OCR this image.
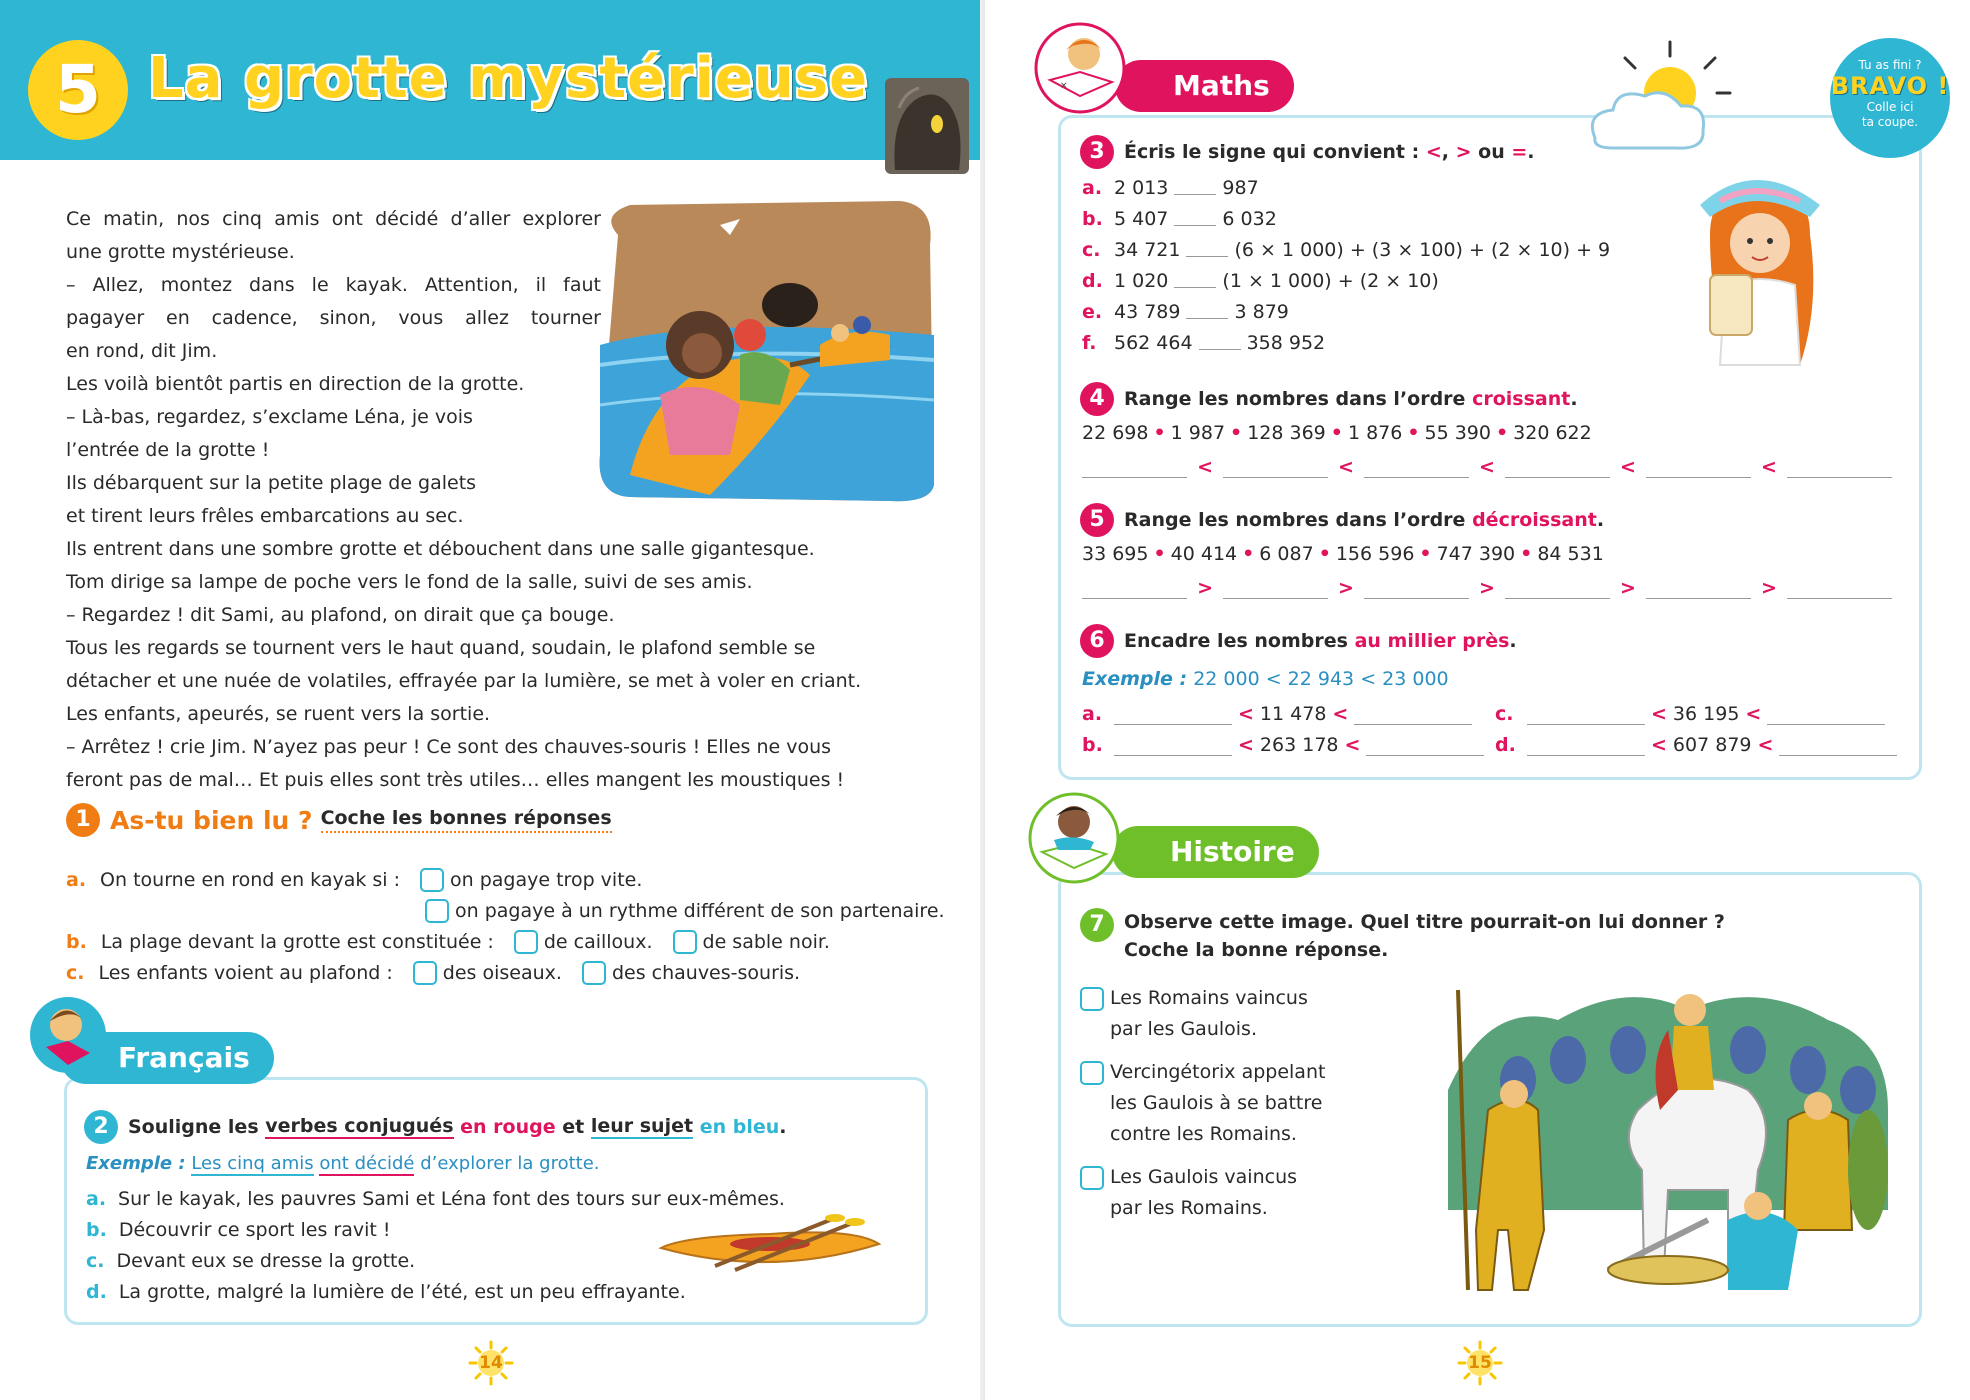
5 La grotte mystérieuse
Ce matin, nos cinq amis ont décidé d’aller explorer
une grotte mystérieuse.
– Allez, montez dans le kayak. Attention, il faut
pagayer en cadence, sinon, vous allez tourner
en rond, dit Jim.
Les voilà bientôt partis en direction de la grotte.
– Là-bas, regardez, s’exclame Léna, je vois
l’entrée de la grotte !
Ils débarquent sur la petite plage de galets
et tirent leurs frêles embarcations au sec.
Ils entrent dans une sombre grotte et débouchent dans une salle gigantesque.
Tom dirige sa lampe de poche vers le fond de la salle, suivi de ses amis.
– Regardez ! dit Sami, au plafond, on dirait que ça bouge.
Tous les regards se tournent vers le haut quand, soudain, le plafond semble se
détacher et une nuée de volatiles, effrayée par la lumière, se met à voler en criant.
Les enfants, apeurés, se ruent vers la sortie.
– Arrêtez ! crie Jim. N’ayez pas peur ! Ce sont des chauves-souris ! Elles ne vous
feront pas de mal… Et puis elles sont très utiles… elles mangent les moustiques !
1 As-tu bien lu ? Coche les bonnes réponses
a. On tourne en rond en kayak si :	on pagaye trop vite.
on pagaye à un rythme différent de son partenaire.
b. La plage devant la grotte est constituée :	de cailloux.	de sable noir.
c. Les enfants voient au plafond :	des oiseaux.	des chauves-souris.
Français
2	Souligne les
verbes conjugués
en rouge
et
leur sujet
en bleu .
Exemple : Les cinq amis ont décidé d’explorer la grotte.
a. Sur le kayak, les pauvres Sami et Léna font des tours sur eux-mêmes.
b. Découvrir ce sport les ravit !
c. Devant eux se dresse la grotte.
d. La grotte, malgré la lumière de l’été, est un peu effrayante.
14
Maths
×
Tu as fini ?
BRAVO !
Colle ici
ta coupe.
3	Écris le signe qui convient :
< ,
>
ou
= .
a. 2 013	987
b. 5 407	6 032
c. 34 721	(6 × 1 000) + (3 × 100) + (2 × 10) + 9
d. 1 020	(1 × 1 000) + (2 × 10)
e. 43 789	3 879
f. 562 464	358 952
4	Range les nombres dans l’ordre
croissant .
22 698 • 1 987 • 128 369 • 1 876 • 55 390 • 320 622
<	<	<	<	<
5	Range les nombres dans l’ordre
décroissant .
33 695 • 40 414 • 6 087 • 156 596 • 747 390 • 84 531
>	>	>	>	>
6	Encadre les nombres
au millier près .
Exemple : 22 000 < 22 943 < 23 000
a.	< 11 478 <
b.	< 263 178 <
c.	< 36 195 <
d.	< 607 879 <
Histoire
7	Observe cette image. Quel titre pourrait-on lui donner ?
Coche la bonne réponse.
Les Romains vaincus
par les Gaulois.
Vercingétorix appelant
les Gaulois à se battre
contre les Romains.
Les Gaulois vaincus
par les Romains.
15
